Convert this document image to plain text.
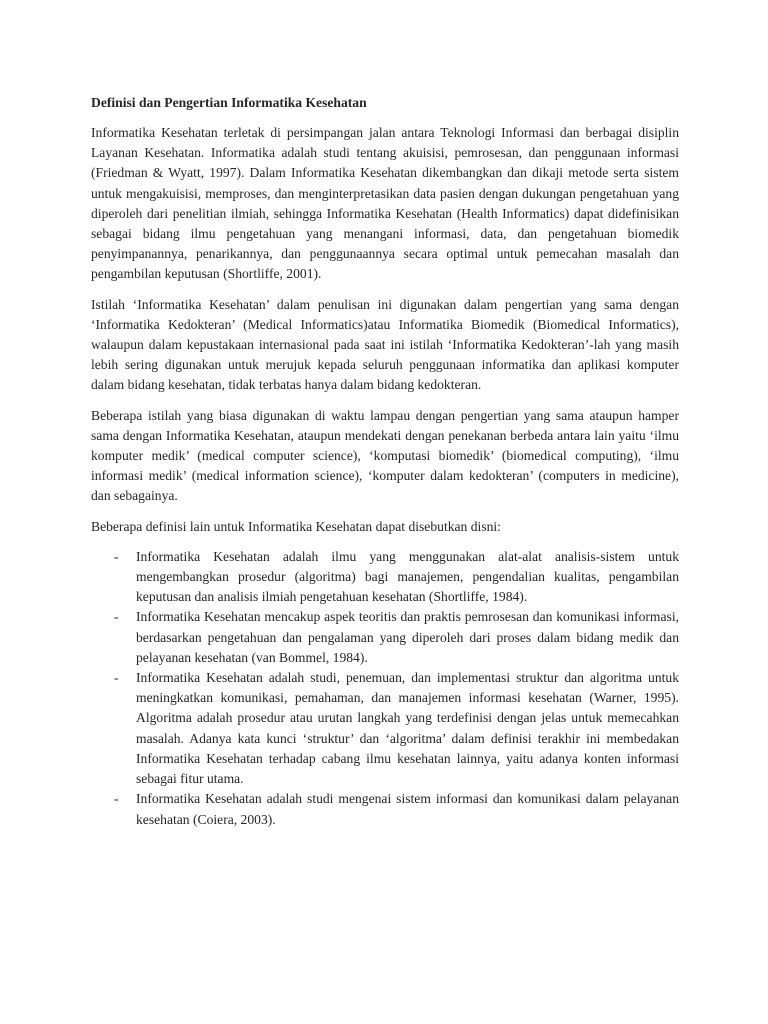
Definisi dan Pengertian Informatika Kesehatan

Informatika Kesehatan terletak di persimpangan jalan antara Teknologi Informasi dan berbagai disiplin Layanan Kesehatan. Informatika adalah studi tentang akuisisi, pemrosesan, dan penggunaan informasi (Friedman & Wyatt, 1997). Dalam Informatika Kesehatan dikembangkan dan dikaji metode serta sistem untuk mengakuisisi, memproses, dan menginterpretasikan data pasien dengan dukungan pengetahuan yang diperoleh dari penelitian ilmiah, sehingga Informatika Kesehatan (Health Informatics) dapat didefinisikan sebagai bidang ilmu pengetahuan yang menangani informasi, data, dan pengetahuan biomedik penyimpanannya, penarikannya, dan penggunaannya secara optimal untuk pemecahan masalah dan pengambilan keputusan (Shortliffe, 2001).

Istilah ‘Informatika Kesehatan’ dalam penulisan ini digunakan dalam pengertian yang sama dengan ‘Informatika Kedokteran’ (Medical Informatics)atau Informatika Biomedik (Biomedical Informatics), walaupun dalam kepustakaan internasional pada saat ini istilah ‘Informatika Kedokteran’-lah yang masih lebih sering digunakan untuk merujuk kepada seluruh penggunaan informatika dan aplikasi komputer dalam bidang kesehatan, tidak terbatas hanya dalam bidang kedokteran.

Beberapa istilah yang biasa digunakan di waktu lampau dengan pengertian yang sama ataupun hamper sama dengan Informatika Kesehatan, ataupun mendekati dengan penekanan berbeda antara lain yaitu ‘ilmu komputer medik’ (medical computer science), ‘komputasi biomedik’ (biomedical computing), ‘ilmu informasi medik’ (medical information science), ‘komputer dalam kedokteran’ (computers in medicine), dan sebagainya.

Beberapa definisi lain untuk Informatika Kesehatan dapat disebutkan disni:

- Informatika Kesehatan adalah ilmu yang menggunakan alat-alat analisis-sistem untuk mengembangkan prosedur (algoritma) bagi manajemen, pengendalian kualitas, pengambilan keputusan dan analisis ilmiah pengetahuan kesehatan (Shortliffe, 1984).
- Informatika Kesehatan mencakup aspek teoritis dan praktis pemrosesan dan komunikasi informasi, berdasarkan pengetahuan dan pengalaman yang diperoleh dari proses dalam bidang medik dan pelayanan kesehatan (van Bommel, 1984).
- Informatika Kesehatan adalah studi, penemuan, dan implementasi struktur dan algoritma untuk meningkatkan komunikasi, pemahaman, dan manajemen informasi kesehatan (Warner, 1995). Algoritma adalah prosedur atau urutan langkah yang terdefinisi dengan jelas untuk memecahkan masalah. Adanya kata kunci ‘struktur’ dan ‘algoritma’ dalam definisi terakhir ini membedakan Informatika Kesehatan terhadap cabang ilmu kesehatan lainnya, yaitu adanya konten informasi sebagai fitur utama.
- Informatika Kesehatan adalah studi mengenai sistem informasi dan komunikasi dalam pelayanan kesehatan (Coiera, 2003).
